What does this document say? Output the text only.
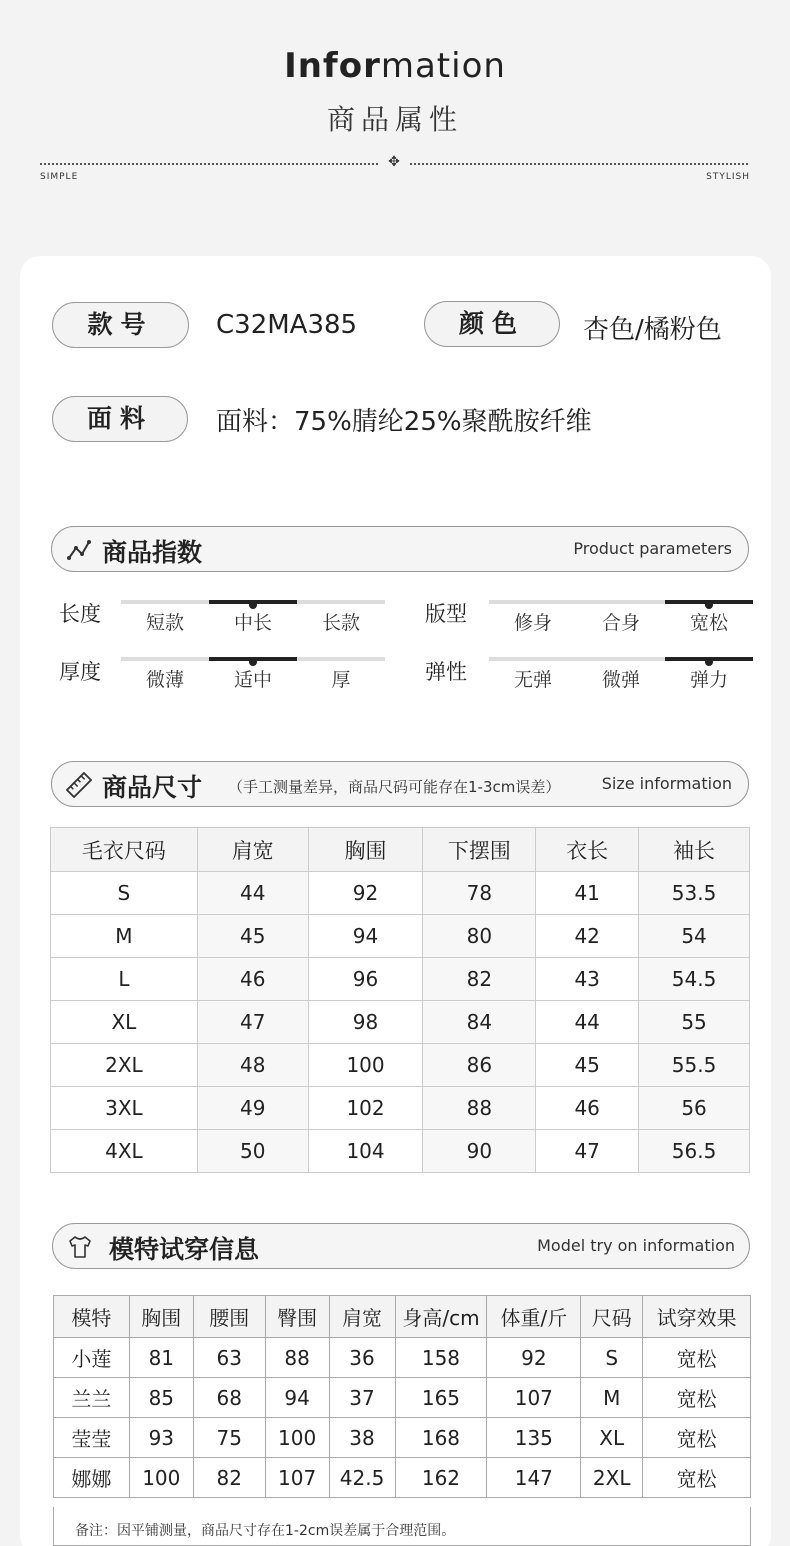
Information
商品属性
✥
SIMPLE	STYLISH
款号	C32MA385	颜色	杏色/橘粉色
面料	面料：75%腈纶25%聚酰胺纤维
商品指数	Product parameters
长度	短款	中长	长款	版型	修身	合身	宽松
厚度	微薄	适中	厚	弹性	无弹	微弹	弹力
商品尺寸 （手工测量差异，商品尺码可能存在1-3cm误差）	Size information
毛衣尺码	肩宽	胸围	下摆围	衣长	袖长
S	44	92	78	41	53.5
M	45	94	80	42	54
L	46	96	82	43	54.5
XL	47	98	84	44	55
2XL	48	100	86	45	55.5
3XL	49	102	88	46	56
4XL	50	104	90	47	56.5
模特试穿信息	Model try on information
模特	胸围	腰围	臀围	肩宽	身高/cm	体重/斤	尺码	试穿效果
小莲	81	63	88	36	158	92	S	宽松
兰兰	85	68	94	37	165	107	M	宽松
莹莹	93	75	100	38	168	135	XL	宽松
娜娜	100	82	107	42.5	162	147	2XL	宽松
备注：因平铺测量，商品尺寸存在1-2cm误差属于合理范围。
